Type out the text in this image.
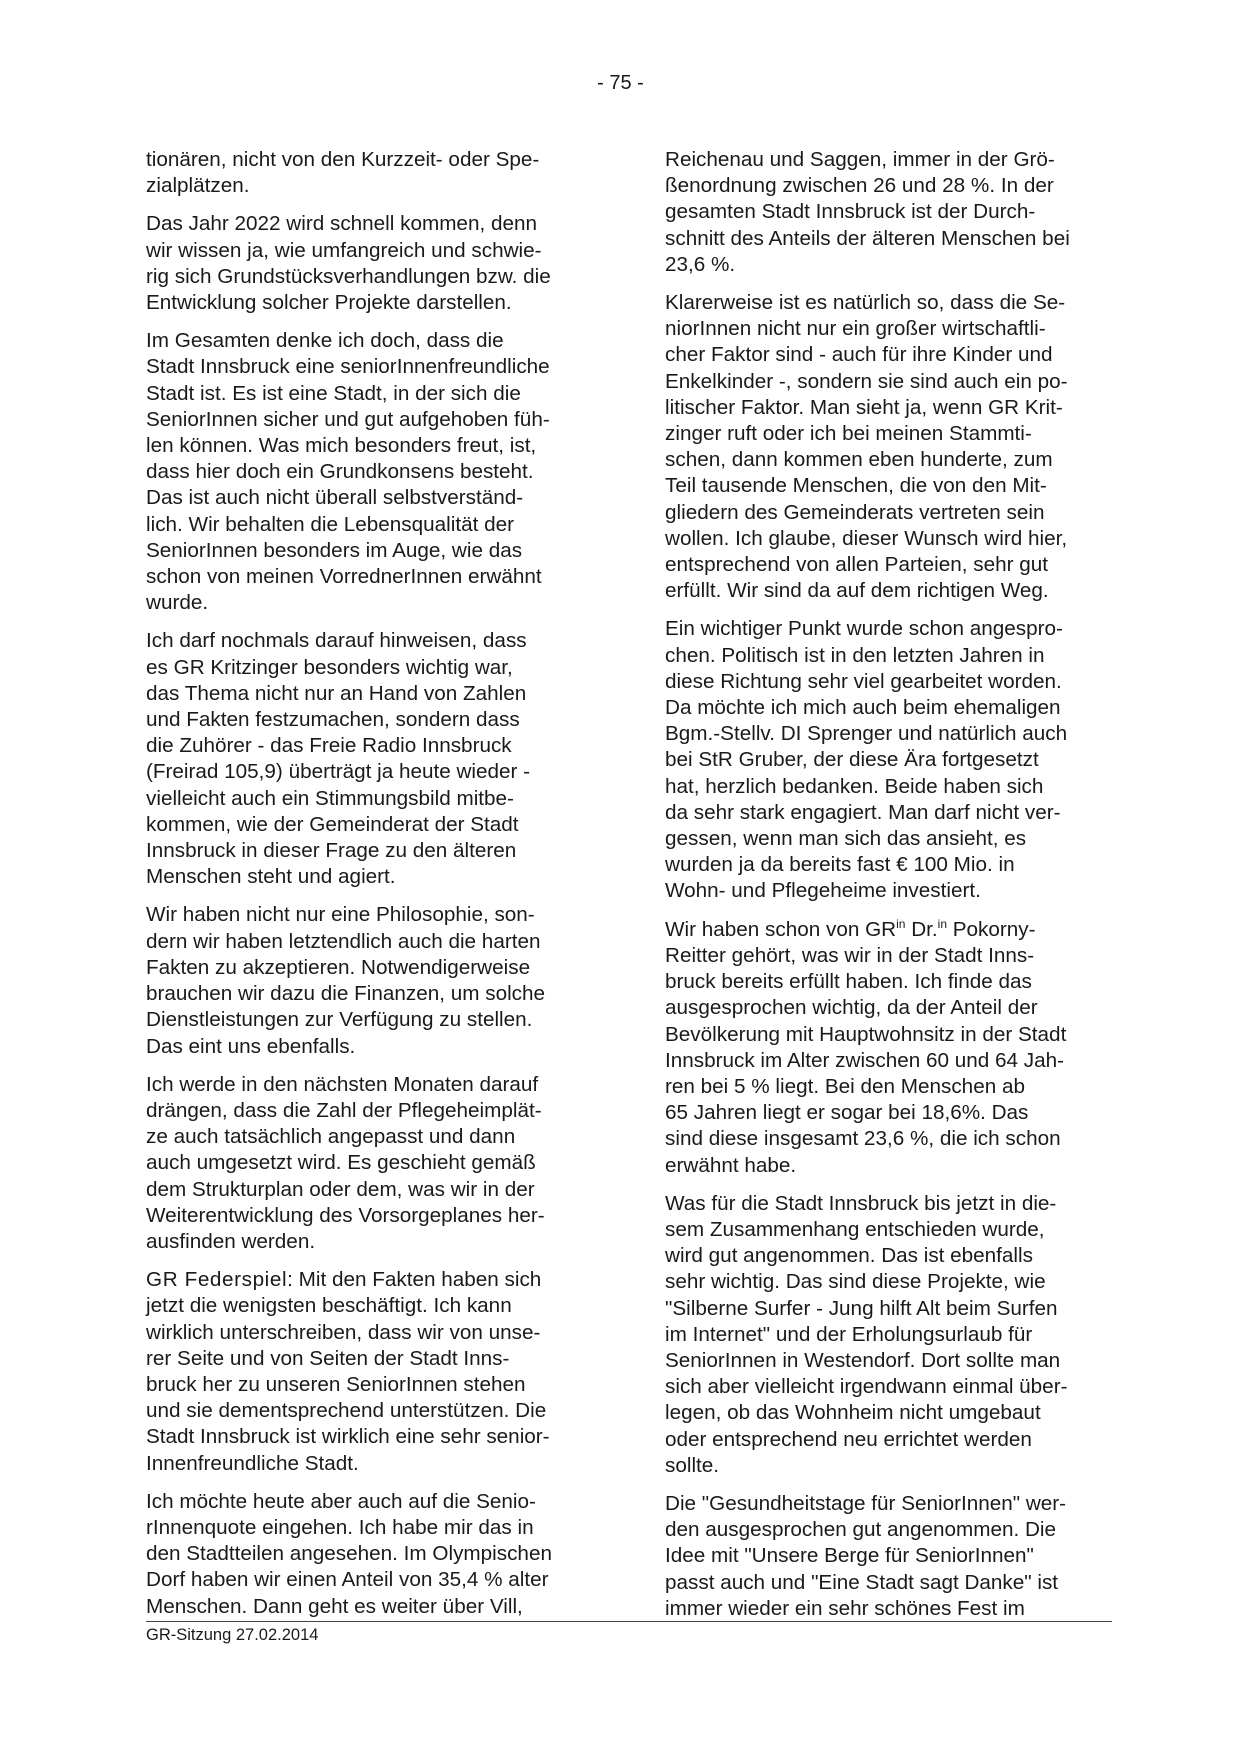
- 75 -

tionären, nicht von den Kurzzeit- oder Spe-
zialplätzen.

Das Jahr 2022 wird schnell kommen, denn
wir wissen ja, wie umfangreich und schwie-
rig sich Grundstücksverhandlungen bzw. die
Entwicklung solcher Projekte darstellen.

Im Gesamten denke ich doch, dass die
Stadt Innsbruck eine seniorInnenfreundliche
Stadt ist. Es ist eine Stadt, in der sich die
SeniorInnen sicher und gut aufgehoben füh-
len können. Was mich besonders freut, ist,
dass hier doch ein Grundkonsens besteht.
Das ist auch nicht überall selbstverständ-
lich. Wir behalten die Lebensqualität der
SeniorInnen besonders im Auge, wie das
schon von meinen VorrednerInnen erwähnt
wurde.

Ich darf nochmals darauf hinweisen, dass
es GR Kritzinger besonders wichtig war,
das Thema nicht nur an Hand von Zahlen
und Fakten festzumachen, sondern dass
die Zuhörer - das Freie Radio Innsbruck
(Freirad 105,9) überträgt ja heute wieder -
vielleicht auch ein Stimmungsbild mitbe-
kommen, wie der Gemeinderat der Stadt
Innsbruck in dieser Frage zu den älteren
Menschen steht und agiert.

Wir haben nicht nur eine Philosophie, son-
dern wir haben letztendlich auch die harten
Fakten zu akzeptieren. Notwendigerweise
brauchen wir dazu die Finanzen, um solche
Dienstleistungen zur Verfügung zu stellen.
Das eint uns ebenfalls.

Ich werde in den nächsten Monaten darauf
drängen, dass die Zahl der Pflegeheimplät-
ze auch tatsächlich angepasst und dann
auch umgesetzt wird. Es geschieht gemäß
dem Strukturplan oder dem, was wir in der
Weiterentwicklung des Vorsorgeplanes her-
ausfinden werden.

GR Federspiel: Mit den Fakten haben sich
jetzt die wenigsten beschäftigt. Ich kann
wirklich unterschreiben, dass wir von unse-
rer Seite und von Seiten der Stadt Inns-
bruck her zu unseren SeniorInnen stehen
und sie dementsprechend unterstützen. Die
Stadt Innsbruck ist wirklich eine sehr senior-
Innenfreundliche Stadt.

Ich möchte heute aber auch auf die Senio-
rInnenquote eingehen. Ich habe mir das in
den Stadtteilen angesehen. Im Olympischen
Dorf haben wir einen Anteil von 35,4 % alter
Menschen. Dann geht es weiter über Vill,

Reichenau und Saggen, immer in der Grö-
ßenordnung zwischen 26 und 28 %. In der
gesamten Stadt Innsbruck ist der Durch-
schnitt des Anteils der älteren Menschen bei
23,6 %.

Klarerweise ist es natürlich so, dass die Se-
niorInnen nicht nur ein großer wirtschaftli-
cher Faktor sind - auch für ihre Kinder und
Enkelkinder -, sondern sie sind auch ein po-
litischer Faktor. Man sieht ja, wenn GR Krit-
zinger ruft oder ich bei meinen Stammti-
schen, dann kommen eben hunderte, zum
Teil tausende Menschen, die von den Mit-
gliedern des Gemeinderats vertreten sein
wollen. Ich glaube, dieser Wunsch wird hier,
entsprechend von allen Parteien, sehr gut
erfüllt. Wir sind da auf dem richtigen Weg.

Ein wichtiger Punkt wurde schon angespro-
chen. Politisch ist in den letzten Jahren in
diese Richtung sehr viel gearbeitet worden.
Da möchte ich mich auch beim ehemaligen
Bgm.-Stellv. DI Sprenger und natürlich auch
bei StR Gruber, der diese Ära fortgesetzt
hat, herzlich bedanken. Beide haben sich
da sehr stark engagiert. Man darf nicht ver-
gessen, wenn man sich das ansieht, es
wurden ja da bereits fast € 100 Mio. in
Wohn- und Pflegeheime investiert.

Wir haben schon von $GR^{in}$ Dr.$^{in}$ Pokorny-
Reitter gehört, was wir in der Stadt Inns-
bruck bereits erfüllt haben. Ich finde das
ausgesprochen wichtig, da der Anteil der
Bevölkerung mit Hauptwohnsitz in der Stadt
Innsbruck im Alter zwischen 60 und 64 Jah-
ren bei 5 % liegt. Bei den Menschen ab
65 Jahren liegt er sogar bei 18,6%. Das
sind diese insgesamt 23,6 %, die ich schon
erwähnt habe.

Was für die Stadt Innsbruck bis jetzt in die-
sem Zusammenhang entschieden wurde,
wird gut angenommen. Das ist ebenfalls
sehr wichtig. Das sind diese Projekte, wie
"Silberne Surfer - Jung hilft Alt beim Surfen
im Internet" und der Erholungsurlaub für
SeniorInnen in Westendorf. Dort sollte man
sich aber vielleicht irgendwann einmal über-
legen, ob das Wohnheim nicht umgebaut
oder entsprechend neu errichtet werden
sollte.

Die "Gesundheitstage für SeniorInnen" wer-
den ausgesprochen gut angenommen. Die
Idee mit "Unsere Berge für SeniorInnen"
passt auch und "Eine Stadt sagt Danke" ist
immer wieder ein sehr schönes Fest im

GR-Sitzung 27.02.2014
